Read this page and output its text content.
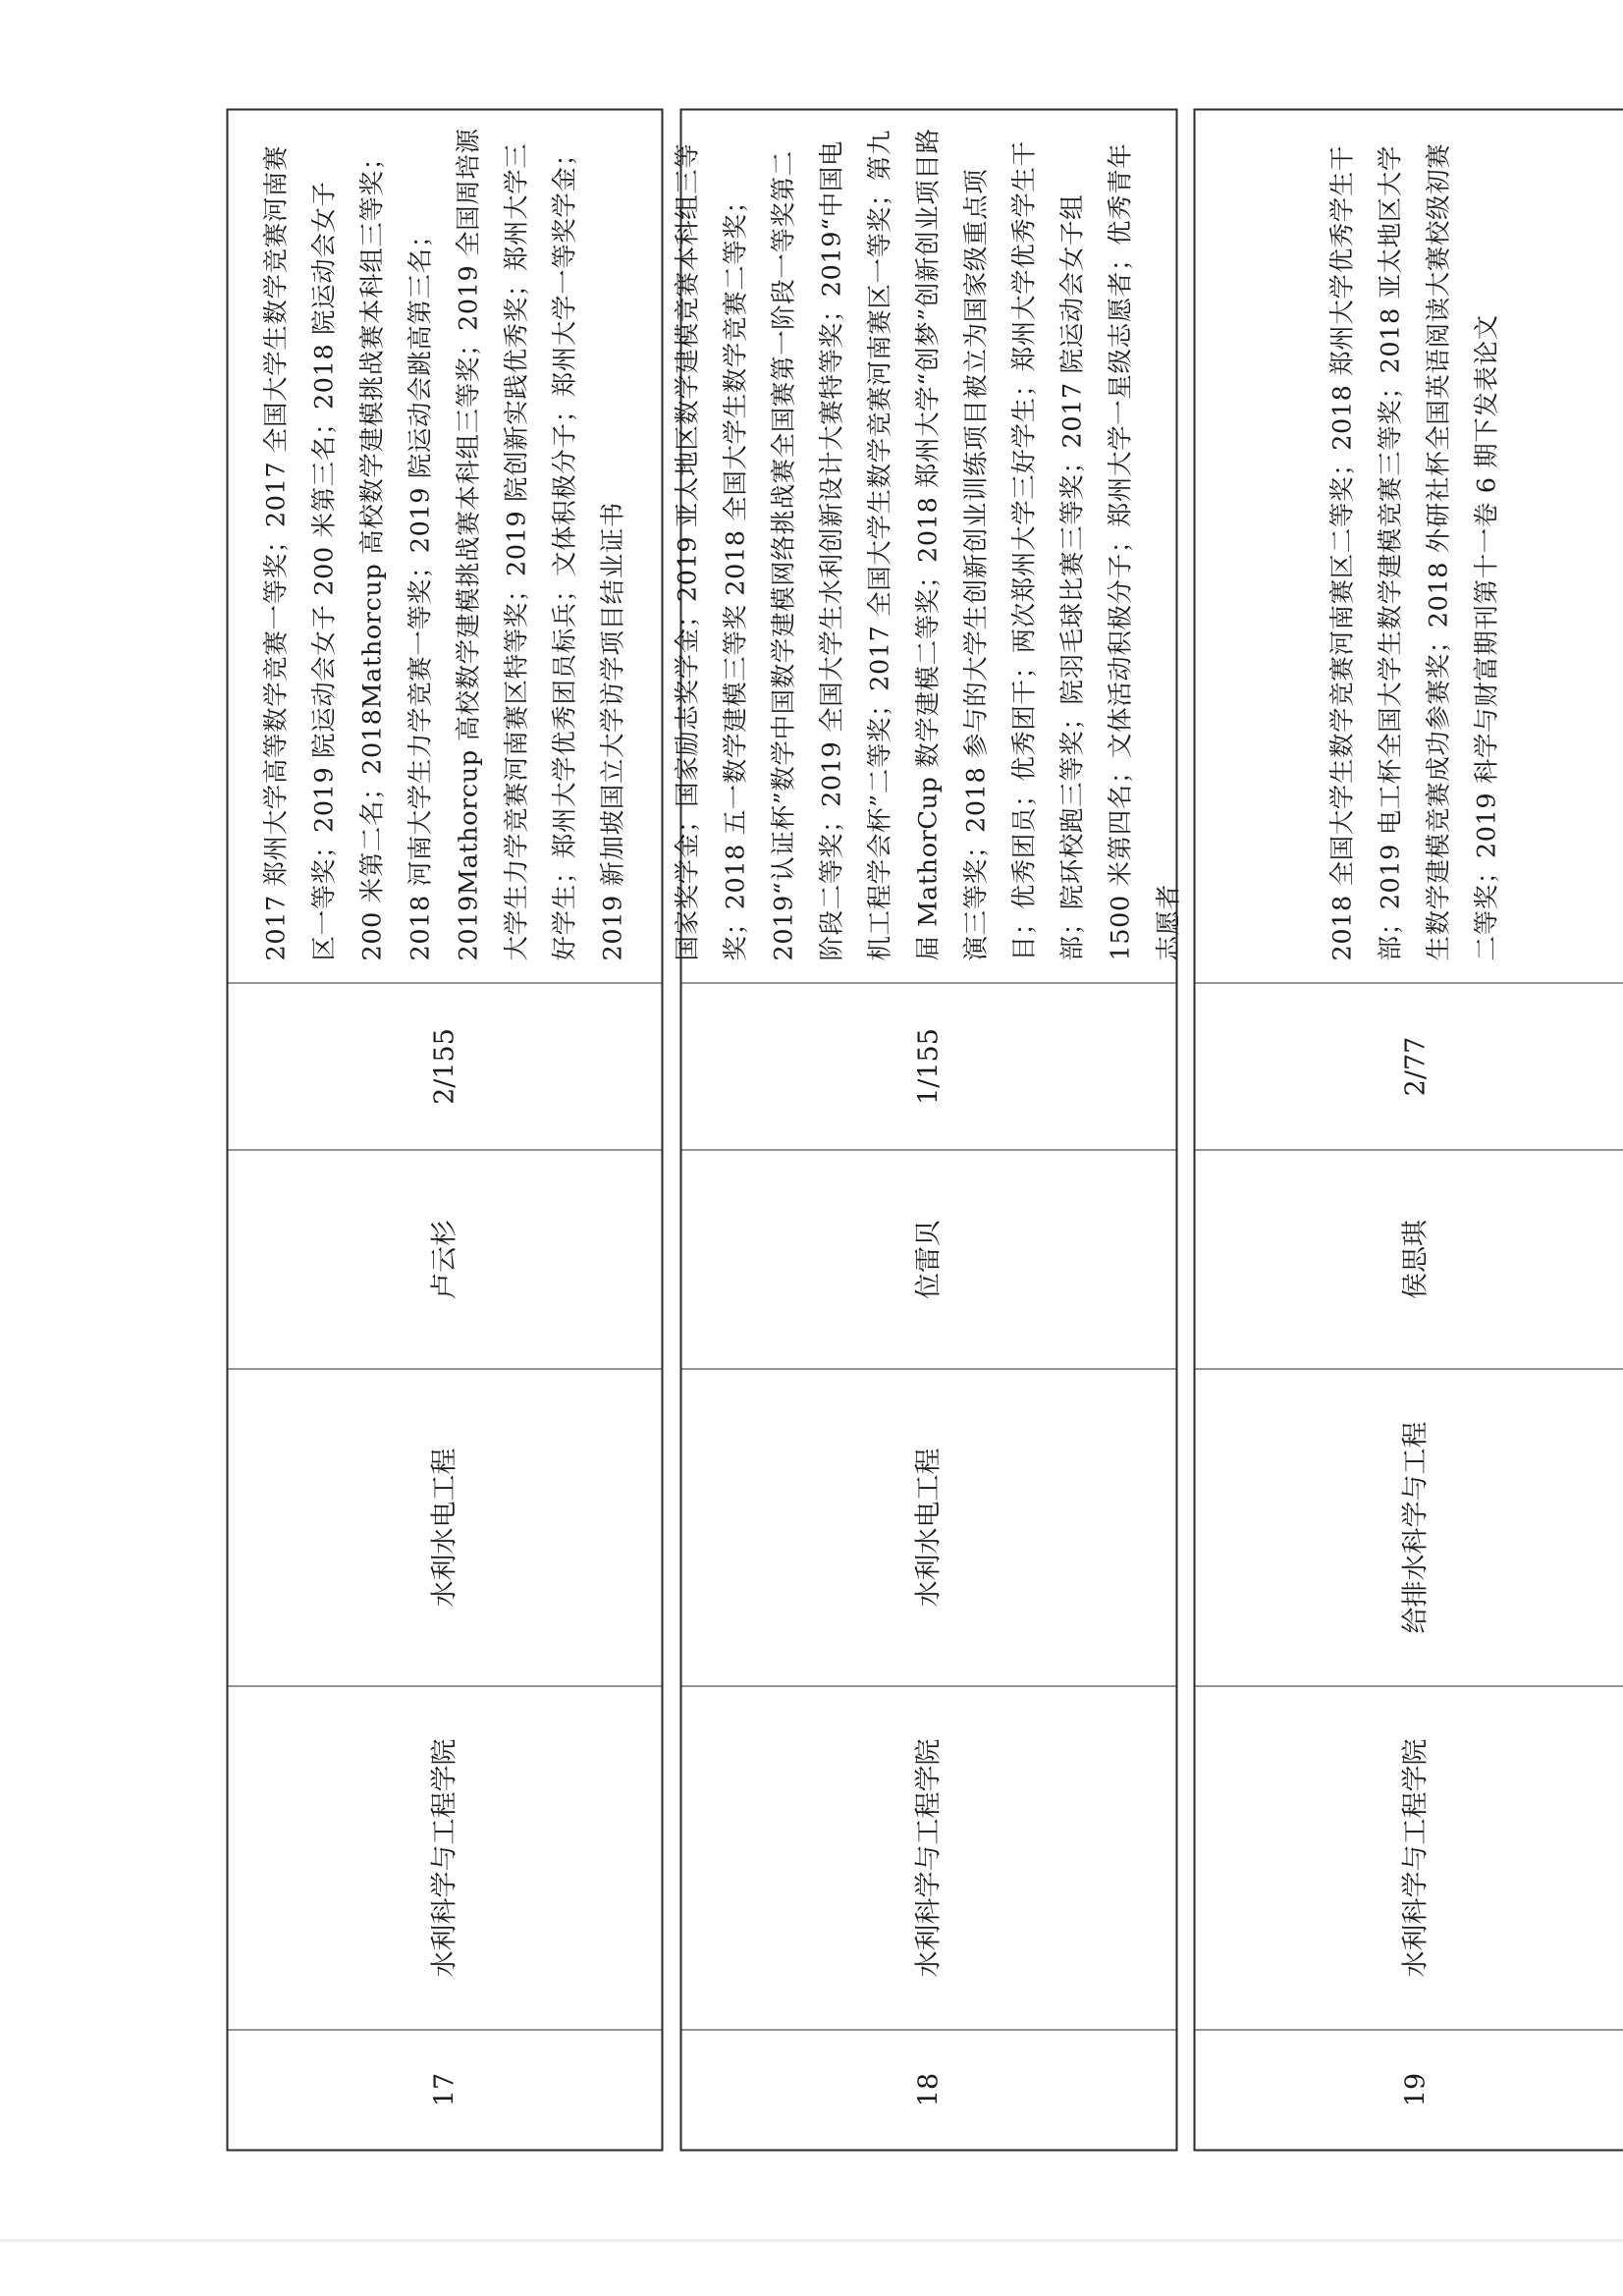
17
水利科学与工程学院
水利水电工程
卢云杉
2/155
2017 郑州大学高等数学竞赛一等奖；2017 全国大学生数学竞赛河南赛区一等奖；2019 院运动会女子 200 米第三名；2018 院运动会女子 200 米第二名；2018Mathorcup 高校数学建模挑战赛本科组三等奖；2018 河南大学生力学竞赛一等奖；2019 院运动会跳高第三名；2019Mathorcup 高校数学建模挑战赛本科组三等奖；2019 全国周培源大学生力学竞赛河南赛区特等奖；2019 院创新实践优秀奖；郑州大学三好学生；郑州大学优秀团员标兵；文体积极分子；郑州大学一等奖学金；2019 新加坡国立大学访学项目结业证书
18
水利科学与工程学院
水利水电工程
位雷贝
1/155
国家奖学金；国家励志奖学金；2019 亚太地区数学建模竞赛本科组三等奖；2018 五一数学建模三等奖 2018 全国大学生数学竞赛二等奖；2019“认证杯”数学中国数学建模网络挑战赛全国赛第一阶段一等奖第二阶段二等奖；2019 全国大学生水利创新设计大赛特等奖；2019“中国电机工程学会杯”二等奖；2017 全国大学生数学竞赛河南赛区一等奖；第九届 MathorCup 数学建模二等奖；2018 郑州大学“创梦”创新创业项目路演三等奖；2018 参与的大学生创新创业训练项目被立为国家级重点项目；优秀团员；优秀团干；两次郑州大学三好学生；郑州大学优秀学生干部；院环校跑三等奖；院羽毛球比赛三等奖；2017 院运动会女子组 1500 米第四名；文体活动积极分子；郑州大学一星级志愿者；优秀青年志愿者
19
水利科学与工程学院
给排水科学与工程
侯思琪
2/77
2018 全国大学生数学竞赛河南赛区二等奖；2018 郑州大学优秀学生干部；2019 电工杯全国大学生数学建模竞赛三等奖；2018 亚太地区大学生数学建模竞赛成功参赛奖；2018 外研社杯全国英语阅读大赛校级初赛二等奖；2019 科学与财富期刊第十一卷 6 期下发表论文
